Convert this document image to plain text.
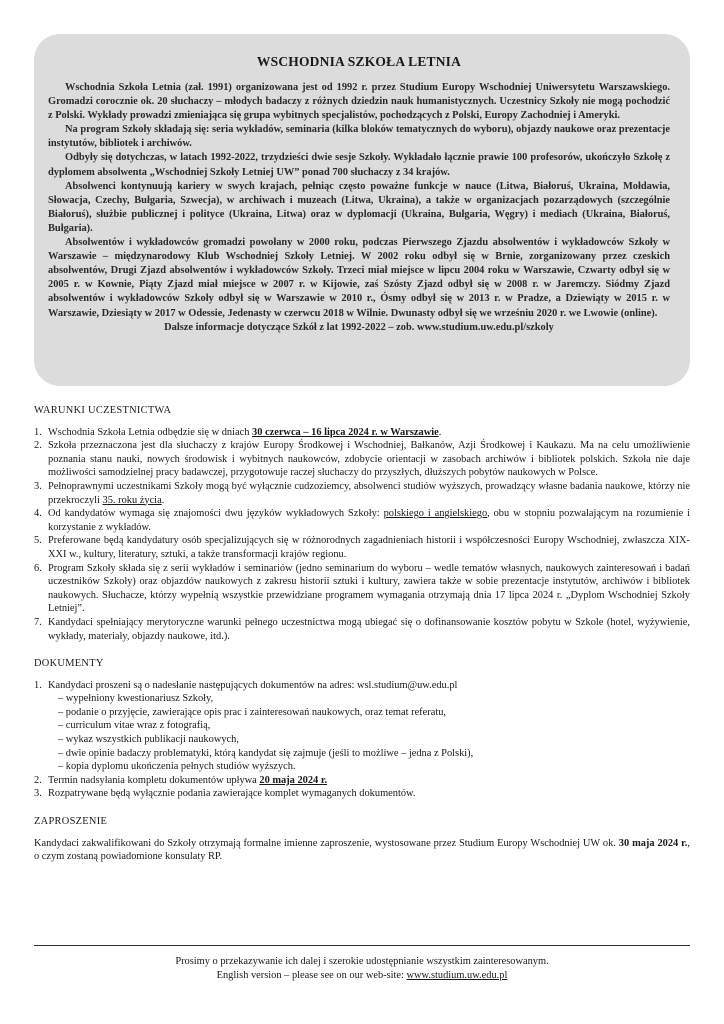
WSCHODNIA SZKOŁA LETNIA

Wschodnia Szkoła Letnia (zał. 1991) organizowana jest od 1992 r. przez Studium Europy Wschodniej Uniwersytetu Warszawskiego. Gromadzi corocznie ok. 20 słuchaczy – młodych badaczy z różnych dziedzin nauk humanistycznych. Uczestnicy Szkoły nie mogą pochodzić z Polski. Wykłady prowadzi zmieniająca się grupa wybitnych specjalistów, pochodzących z Polski, Europy Zachodniej i Ameryki.

Na program Szkoły składają się: seria wykładów, seminaria (kilka bloków tematycznych do wyboru), objazdy naukowe oraz prezentacje instytutów, bibliotek i archiwów.

Odbyły się dotychczas, w latach 1992-2022, trzydzieści dwie sesje Szkoły. Wykładało łącznie prawie 100 profesorów, ukończyło Szkołę z dyplomem absolwenta „Wschodniej Szkoły Letniej UW” ponad 700 słuchaczy z 34 krajów.

Absolwenci kontynuują kariery w swych krajach, pełniąc często poważne funkcje w nauce (Litwa, Białoruś, Ukraina, Mołdawia, Słowacja, Czechy, Bułgaria, Szwecja), w archiwach i muzeach (Litwa, Ukraina), a także w organizacjach pozarządowych (szczególnie Białoruś), służbie publicznej i polityce (Ukraina, Litwa) oraz w dyplomacji (Ukraina, Bułgaria, Węgry) i mediach (Ukraina, Białoruś, Bułgaria).

Absolwentów i wykładowców gromadzi powołany w 2000 roku, podczas Pierwszego Zjazdu absolwentów i wykładowców Szkoły w Warszawie – międzynarodowy Klub Wschodniej Szkoły Letniej. W 2002 roku odbył się w Brnie, zorganizowany przez czeskich absolwentów, Drugi Zjazd absolwentów i wykładowców Szkoły. Trzeci miał miejsce w lipcu 2004 roku w Warszawie, Czwarty odbył się w 2005 r. w Kownie, Piąty Zjazd miał miejsce w 2007 r. w Kijowie, zaś Szósty Zjazd odbył się w 2008 r. w Jaremczy. Siódmy Zjazd absolwentów i wykładowców Szkoły odbył się w Warszawie w 2010 r., Ósmy odbył się w 2013 r. w Pradze, a Dziewiąty w 2015 r. w Warszawie, Dziesiąty w 2017 w Odessie, Jedenasty w czerwcu 2018 w Wilnie. Dwunasty odbył się we wrześniu 2020 r. we Lwowie (online).

Dalsze informacje dotyczące Szkół z lat 1992-2022 – zob. www.studium.uw.edu.pl/szkoly

WARUNKI UCZESTNICTWA
1. Wschodnia Szkoła Letnia odbędzie się w dniach 30 czerwca – 16 lipca 2024 r. w Warszawie.
2. Szkoła przeznaczona jest dla słuchaczy z krajów Europy Środkowej i Wschodniej, Bałkanów, Azji Środkowej i Kaukazu. Ma na celu umożliwienie poznania stanu nauki, nowych środowisk i wybitnych naukowców, zdobycie orientacji w zasobach archiwów i bibliotek polskich. Szkoła nie daje możliwości samodzielnej pracy badawczej, przygotowuje raczej słuchaczy do przyszłych, dłuższych pobytów naukowych w Polsce.
3. Pełnoprawnymi uczestnikami Szkoły mogą być wyłącznie cudzoziemcy, absolwenci studiów wyższych, prowadzący własne badania naukowe, którzy nie przekroczyli 35. roku życia.
4. Od kandydatów wymaga się znajomości dwu języków wykładowych Szkoły: polskiego i angielskiego, obu w stopniu pozwalającym na rozumienie i korzystanie z wykładów.
5. Preferowane będą kandydatury osób specjalizujących się w różnorodnych zagadnieniach historii i współczesności Europy Wschodniej, zwłaszcza XIX-XXI w., kultury, literatury, sztuki, a także transformacji krajów regionu.
6. Program Szkoły składa się z serii wykładów i seminariów (jedno seminarium do wyboru – wedle tematów własnych, naukowych zainteresowań i badań uczestników Szkoły) oraz objazdów naukowych z zakresu historii sztuki i kultury, zawiera także w sobie prezentacje instytutów, archiwów i bibliotek naukowych. Słuchacze, którzy wypełnią wszystkie przewidziane programem wymagania otrzymają dnia 17 lipca 2024 r. „Dyplom Wschodniej Szkoły Letniej”.
7. Kandydaci spełniający merytoryczne warunki pełnego uczestnictwa mogą ubiegać się o dofinansowanie kosztów pobytu w Szkole (hotel, wyżywienie, wykłady, materiały, objazdy naukowe, itd.).
DOKUMENTY
1. Kandydaci proszeni są o nadesłanie następujących dokumentów na adres: wsl.studium@uw.edu.pl
– wypełniony kwestionariusz Szkoły,
– podanie o przyjęcie, zawierające opis prac i zainteresowań naukowych, oraz temat referatu,
– curriculum vitae wraz z fotografią,
– wykaz wszystkich publikacji naukowych,
– dwie opinie badaczy problematyki, którą kandydat się zajmuje (jeśli to możliwe – jedna z Polski),
– kopia dyplomu ukończenia pełnych studiów wyższych.
2. Termin nadsyłania kompletu dokumentów upływa 20 maja 2024 r.
3. Rozpatrywane będą wyłącznie podania zawierające komplet wymaganych dokumentów.
ZAPROSZENIE

Kandydaci zakwalifikowani do Szkoły otrzymają formalne imienne zaproszenie, wystosowane przez Studium Europy Wschodniej UW ok. 30 maja 2024 r., o czym zostaną powiadomione konsulaty RP.

Prosimy o przekazywanie ich dalej i szerokie udostępnianie wszystkim zainteresowanym.
English version – please see on our web-site: www.studium.uw.edu.pl
